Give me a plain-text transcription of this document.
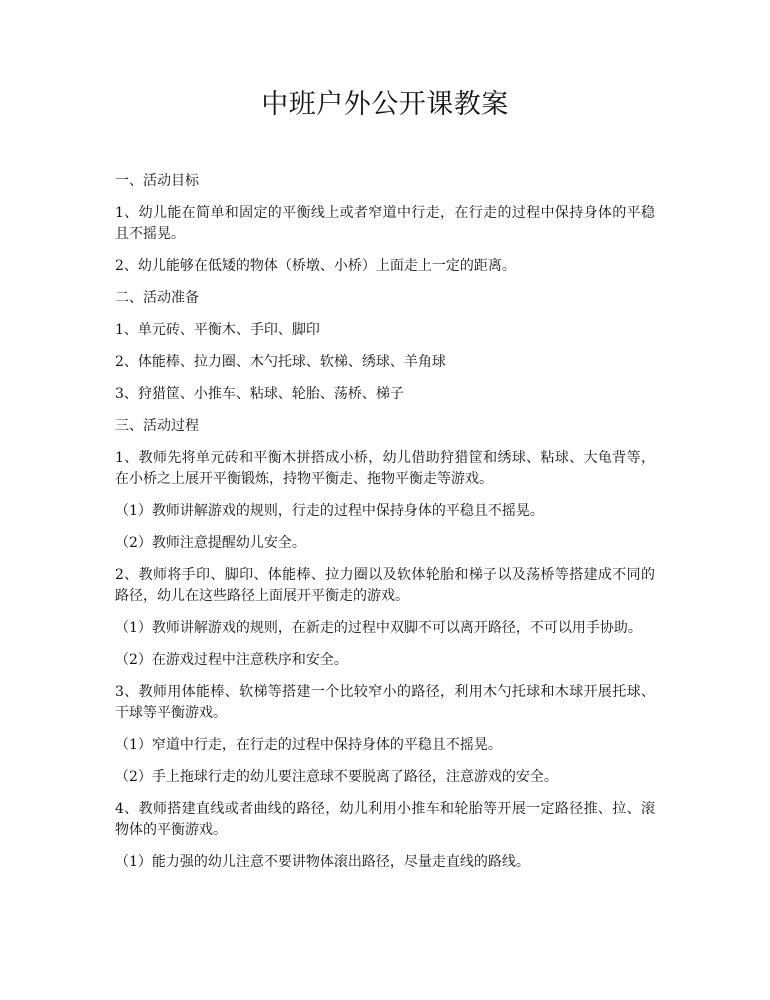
中班户外公开课教案

一、活动目标

1、幼儿能在简单和固定的平衡线上或者窄道中行走，在行走的过程中保持身体的平稳且不摇晃。

2、幼儿能够在低矮的物体（桥墩、小桥）上面走上一定的距离。

二、活动准备

1、单元砖、平衡木、手印、脚印

2、体能棒、拉力圈、木勺托球、软梯、绣球、羊角球

3、狩猎筐、小推车、粘球、轮胎、荡桥、梯子

三、活动过程

1、教师先将单元砖和平衡木拼搭成小桥，幼儿借助狩猎筐和绣球、粘球、大龟背等，在小桥之上展开平衡锻炼，持物平衡走、拖物平衡走等游戏。

（1）教师讲解游戏的规则，行走的过程中保持身体的平稳且不摇晃。

（2）教师注意提醒幼儿安全。

2、教师将手印、脚印、体能棒、拉力圈以及软体轮胎和梯子以及荡桥等搭建成不同的路径，幼儿在这些路径上面展开平衡走的游戏。

（1）教师讲解游戏的规则，在新走的过程中双脚不可以离开路径，不可以用手协助。

（2）在游戏过程中注意秩序和安全。

3、教师用体能棒、软梯等搭建一个比较窄小的路径，利用木勺托球和木球开展托球、干球等平衡游戏。

（1）窄道中行走，在行走的过程中保持身体的平稳且不摇晃。

（2）手上拖球行走的幼儿要注意球不要脱离了路径，注意游戏的安全。

4、教师搭建直线或者曲线的路径，幼儿利用小推车和轮胎等开展一定路径推、拉、滚物体的平衡游戏。

（1）能力强的幼儿注意不要讲物体滚出路径，尽量走直线的路线。
